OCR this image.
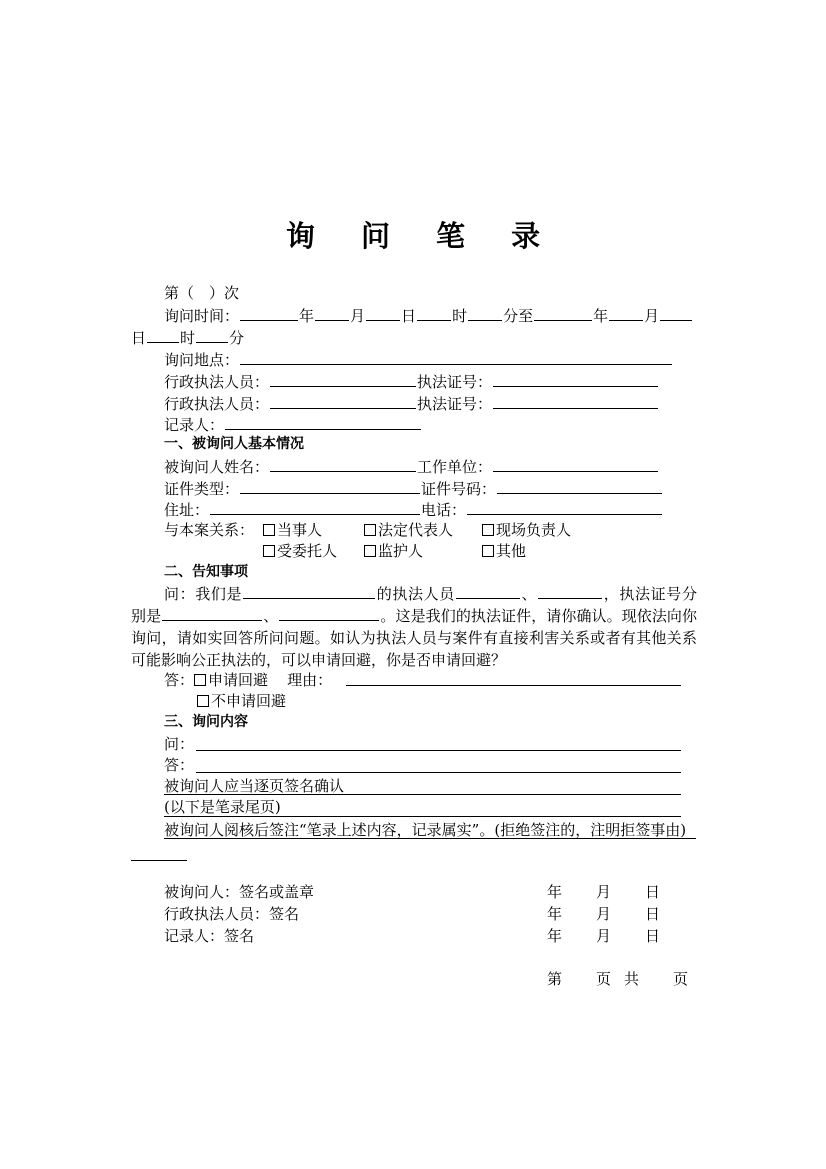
询 问 笔 录
第（　）次
询问时间：	年 月 日 时 分至	年 月
日 时 分
询问地点：
行政执法人员：	执法证号：
行政执法人员：	执法证号：
记录人：
一、被询问人基本情况
被询问人姓名：	工作单位：
证件类型：	证件号码：
住址：	电话：
与本案关系：	当事人	法定代表人	现场负责人
受委托人	监护人	其他
二、告知事项
问：我们是	的执法人员	、	，执法证号分别是	、	。这是我们的执法证件，请你确认。现依法向你询问，请如实回答所问问题。如认为执法人员与案件有直接利害关系或者有其他关系可能影响公正执法的，可以申请回避，你是否申请回避？
答： 申请回避 理由：
不申请回避
三、询问内容
问：
答：
被询问人应当逐页签名确认
(以下是笔录尾页)
被询问人阅核后签注“笔录上述内容，记录属实”。(拒绝签注的，注明拒签事由)
被询问人：签名或盖章	年 月 日
行政执法人员：签名	年 月 日
记录人：签名	年 月 日
第 页 共 页
